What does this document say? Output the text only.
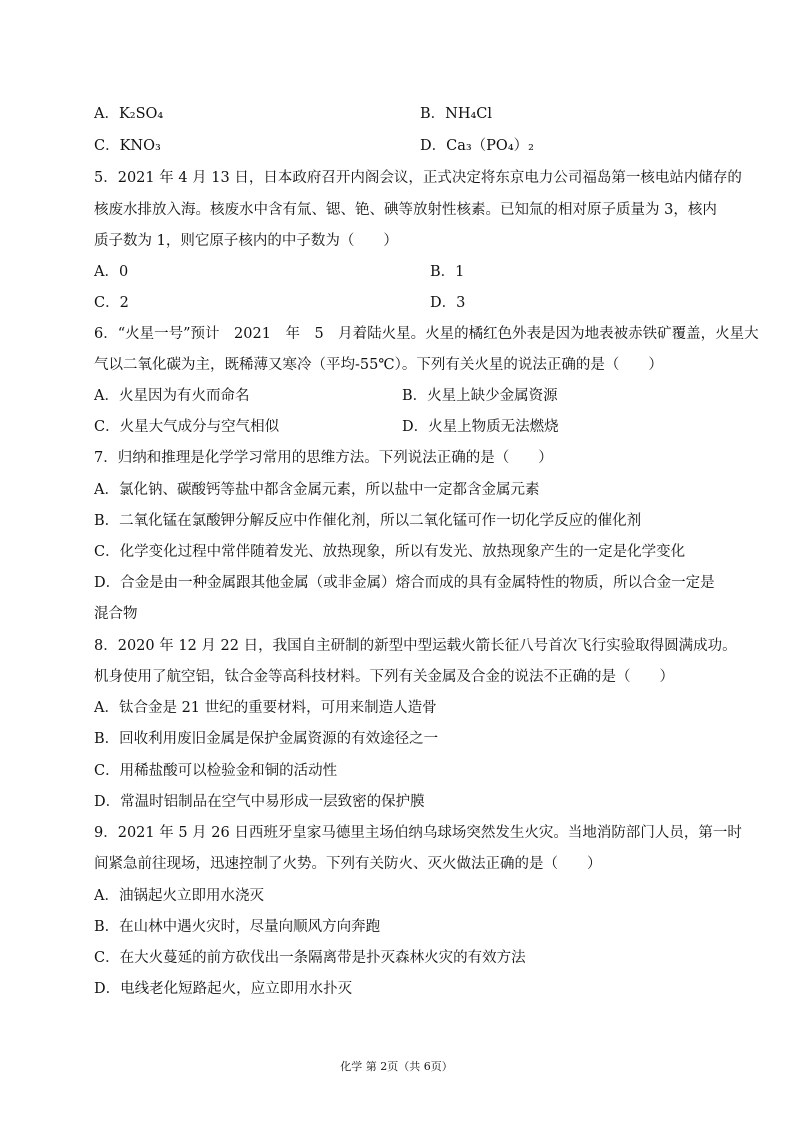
A．K₂SO₄	B．NH₄Cl
C．KNO₃	D．Ca₃（PO₄）₂
5．2021 年 4 月 13 日，日本政府召开内阁会议，正式决定将东京电力公司福岛第一核电站内储存的
核废水排放入海。核废水中含有氚、锶、铯、碘等放射性核素。已知氚的相对原子质量为 3，核内
质子数为 1，则它原子核内的中子数为（　　）
A．0	B．1
C．2	D．3
6．“火星一号”预计　2021　年　5　月着陆火星。火星的橘红色外表是因为地表被赤铁矿覆盖，火星大
气以二氧化碳为主，既稀薄又寒冷（平均-55℃）。下列有关火星的说法正确的是（　　）
A．火星因为有火而命名	B．火星上缺少金属资源
C．火星大气成分与空气相似	D．火星上物质无法燃烧
7．归纳和推理是化学学习常用的思维方法。下列说法正确的是（　　）
A．氯化钠、碳酸钙等盐中都含金属元素，所以盐中一定都含金属元素
B．二氧化锰在氯酸钾分解反应中作催化剂，所以二氧化锰可作一切化学反应的催化剂
C．化学变化过程中常伴随着发光、放热现象，所以有发光、放热现象产生的一定是化学变化
D．合金是由一种金属跟其他金属（或非金属）熔合而成的具有金属特性的物质，所以合金一定是
混合物
8．2020 年 12 月 22 日，我国自主研制的新型中型运载火箭长征八号首次飞行实验取得圆满成功。
机身使用了航空铝，钛合金等高科技材料。下列有关金属及合金的说法不正确的是（　　）
A．钛合金是 21 世纪的重要材料，可用来制造人造骨
B．回收利用废旧金属是保护金属资源的有效途径之一
C．用稀盐酸可以检验金和铜的活动性
D．常温时铝制品在空气中易形成一层致密的保护膜
9．2021 年 5 月 26 日西班牙皇家马德里主场伯纳乌球场突然发生火灾。当地消防部门人员，第一时
间紧急前往现场，迅速控制了火势。下列有关防火、灭火做法正确的是（　　）
A．油锅起火立即用水浇灭
B．在山林中遇火灾时，尽量向顺风方向奔跑
C．在大火蔓延的前方砍伐出一条隔离带是扑灭森林火灾的有效方法
D．电线老化短路起火，应立即用水扑灭
化学 第 2页（共 6页）
